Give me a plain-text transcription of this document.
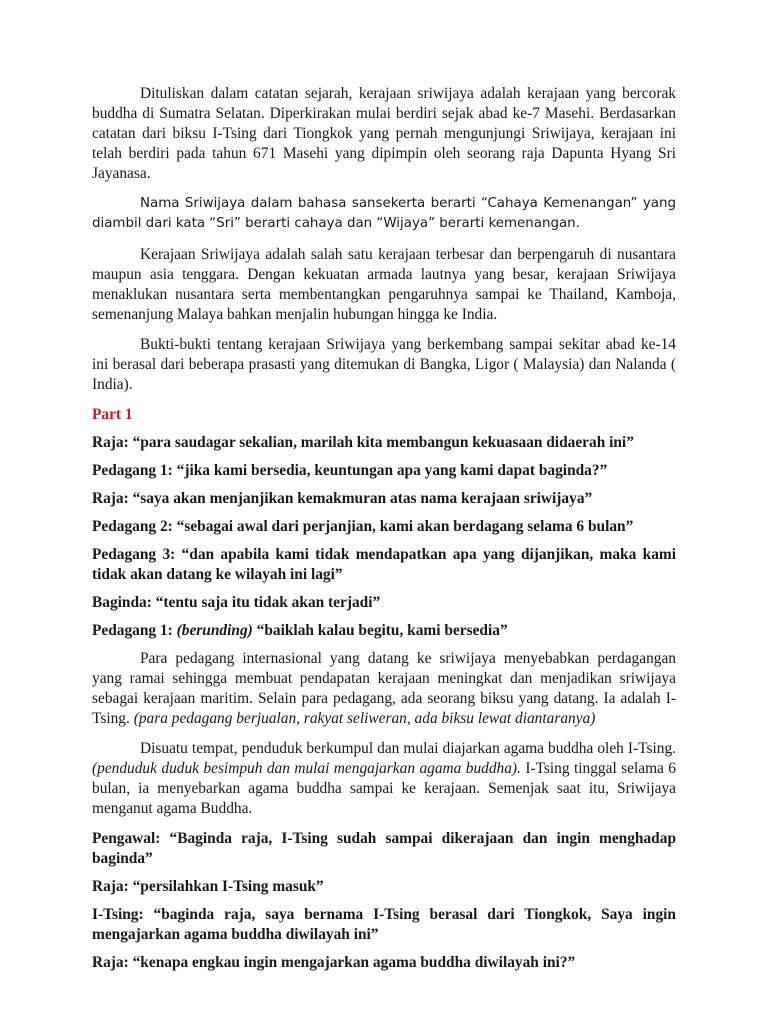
Dituliskan dalam catatan sejarah, kerajaan sriwijaya adalah kerajaan yang bercorak buddha di Sumatra Selatan. Diperkirakan mulai berdiri sejak abad ke-7 Masehi. Berdasarkan catatan dari biksu I-Tsing dari Tiongkok yang pernah mengunjungi Sriwijaya, kerajaan ini telah berdiri pada tahun 671 Masehi yang dipimpin oleh seorang raja Dapunta Hyang Sri Jayanasa.

Nama Sriwijaya dalam bahasa sansekerta berarti “Cahaya Kemenangan” yang diambil dari kata “Sri” berarti cahaya dan “Wijaya” berarti kemenangan.

Kerajaan Sriwijaya adalah salah satu kerajaan terbesar dan berpengaruh di nusantara maupun asia tenggara. Dengan kekuatan armada lautnya yang besar, kerajaan Sriwijaya menaklukan nusantara serta membentangkan pengaruhnya sampai ke Thailand, Kamboja, semenanjung Malaya bahkan menjalin hubungan hingga ke India.

Bukti-bukti tentang kerajaan Sriwijaya yang berkembang sampai sekitar abad ke-14 ini berasal dari beberapa prasasti yang ditemukan di Bangka, Ligor ( Malaysia) dan Nalanda ( India).

Part 1

Raja: “para saudagar sekalian, marilah kita membangun kekuasaan didaerah ini”

Pedagang 1: “jika kami bersedia, keuntungan apa yang kami dapat baginda?”

Raja: “saya akan menjanjikan kemakmuran atas nama kerajaan sriwijaya”

Pedagang 2: “sebagai awal dari perjanjian, kami akan berdagang selama 6 bulan”

Pedagang 3: “dan apabila kami tidak mendapatkan apa yang dijanjikan, maka kami tidak akan datang ke wilayah ini lagi”

Baginda: “tentu saja itu tidak akan terjadi”

Pedagang 1: (berunding) “baiklah kalau begitu, kami bersedia”

Para pedagang internasional yang datang ke sriwijaya menyebabkan perdagangan yang ramai sehingga membuat pendapatan kerajaan meningkat dan menjadikan sriwijaya sebagai kerajaan maritim. Selain para pedagang, ada seorang biksu yang datang. Ia adalah I-Tsing. (para pedagang berjualan, rakyat seliweran, ada biksu lewat diantaranya)

Disuatu tempat, penduduk berkumpul dan mulai diajarkan agama buddha oleh I-Tsing. (penduduk duduk besimpuh dan mulai mengajarkan agama buddha). I-Tsing tinggal selama 6 bulan, ia menyebarkan agama buddha sampai ke kerajaan. Semenjak saat itu, Sriwijaya menganut agama Buddha.

Pengawal: “Baginda raja, I-Tsing sudah sampai dikerajaan dan ingin menghadap baginda”

Raja: “persilahkan I-Tsing masuk”

I-Tsing: “baginda raja, saya bernama I-Tsing berasal dari Tiongkok, Saya ingin mengajarkan agama buddha diwilayah ini”

Raja: “kenapa engkau ingin mengajarkan agama buddha diwilayah ini?”
